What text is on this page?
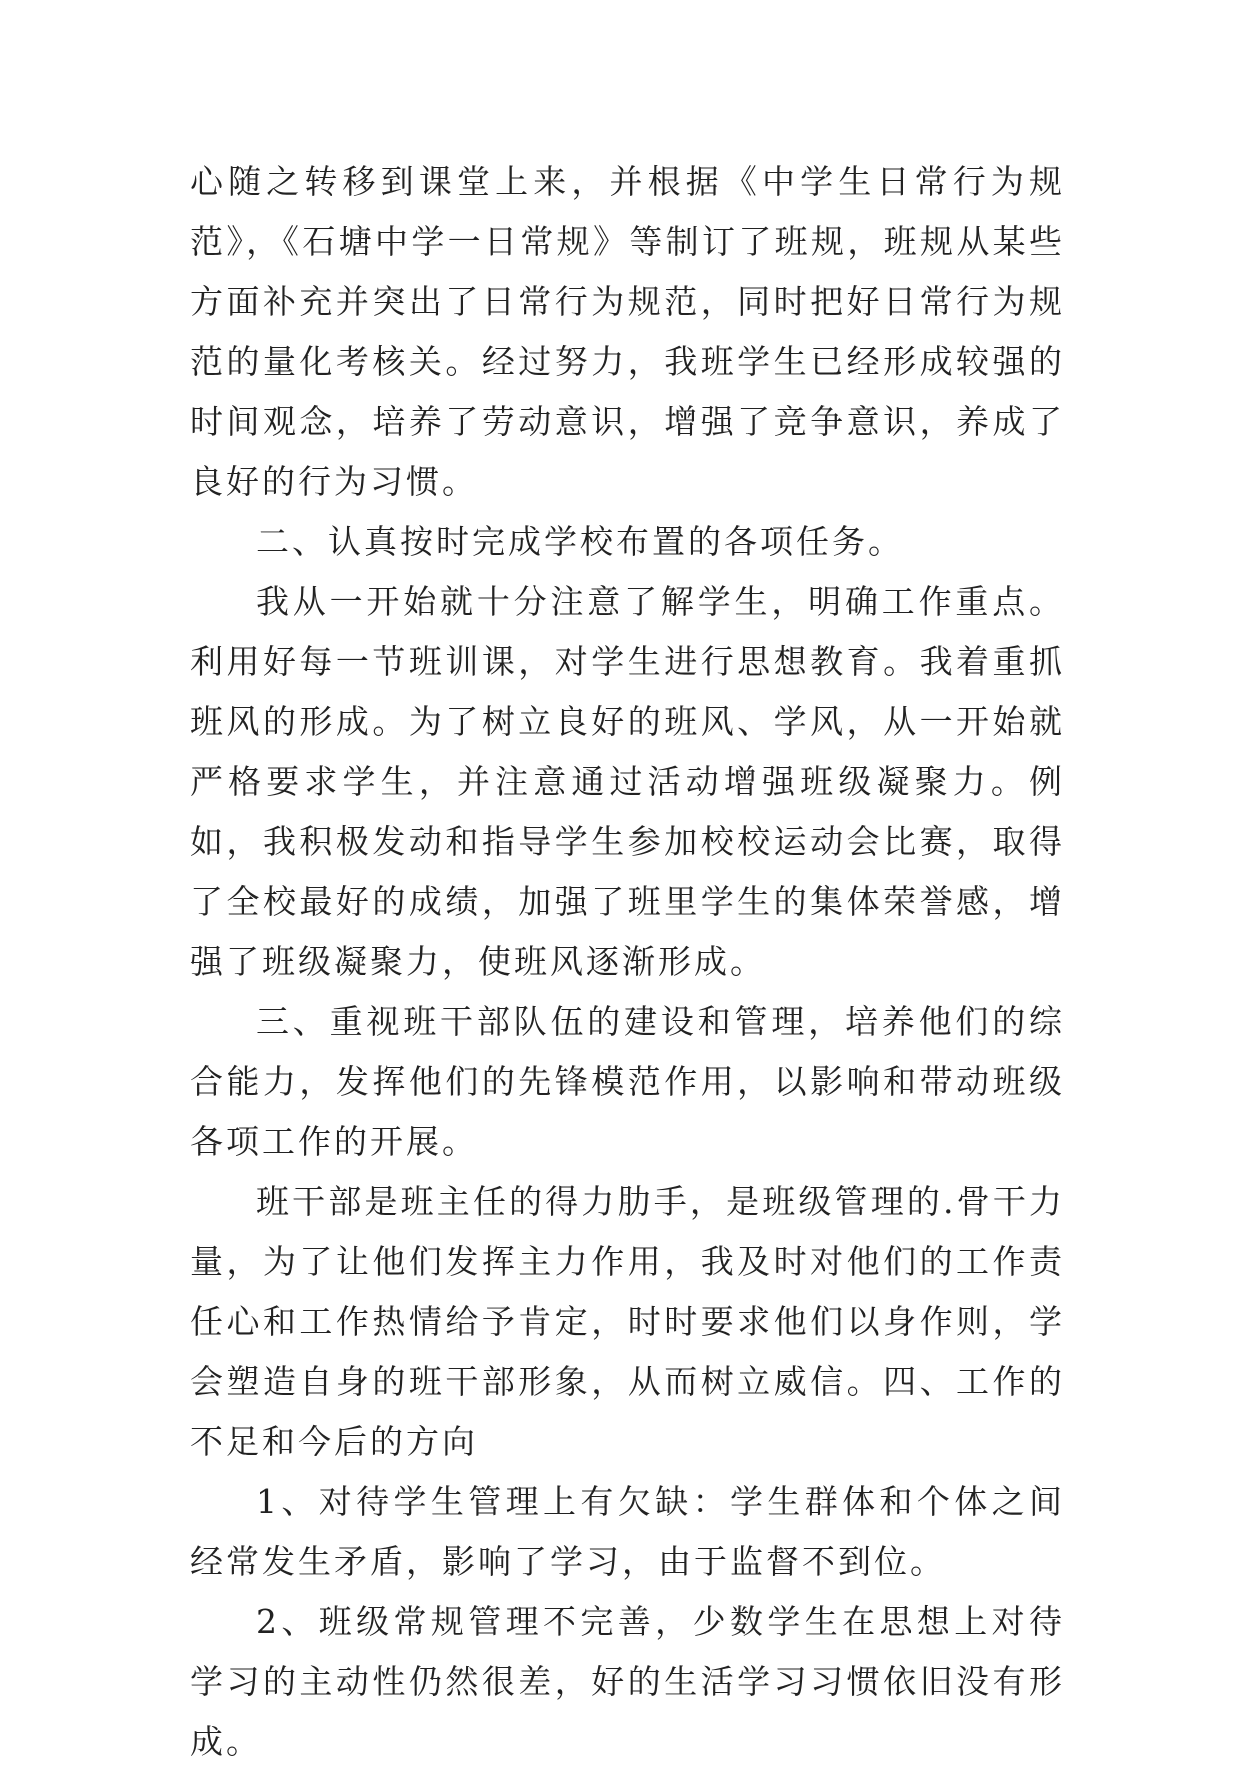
心随之转移到课堂上来，并根据《中学生日常行为规范》，《石塘中学一日常规》等制订了班规，班规从某些方面补充并突出了日常行为规范，同时把好日常行为规范的量化考核关。经过努力，我班学生已经形成较强的时间观念，培养了劳动意识，增强了竞争意识，养成了良好的行为习惯。

二、认真按时完成学校布置的各项任务。

我从一开始就十分注意了解学生，明确工作重点。利用好每一节班训课，对学生进行思想教育。我着重抓班风的形成。为了树立良好的班风、学风，从一开始就严格要求学生，并注意通过活动增强班级凝聚力。例如，我积极发动和指导学生参加校校运动会比赛，取得了全校最好的成绩，加强了班里学生的集体荣誉感，增强了班级凝聚力，使班风逐渐形成。

三、重视班干部队伍的建设和管理，培养他们的综合能力，发挥他们的先锋模范作用，以影响和带动班级各项工作的开展。

班干部是班主任的得力肋手，是班级管理的.骨干力量，为了让他们发挥主力作用，我及时对他们的工作责任心和工作热情给予肯定，时时要求他们以身作则，学会塑造自身的班干部形象，从而树立威信。四、工作的不足和今后的方向

1、对待学生管理上有欠缺：学生群体和个体之间经常发生矛盾，影响了学习，由于监督不到位。

2、班级常规管理不完善，少数学生在思想上对待学习的主动性仍然很差，好的生活学习习惯依旧没有形成。
